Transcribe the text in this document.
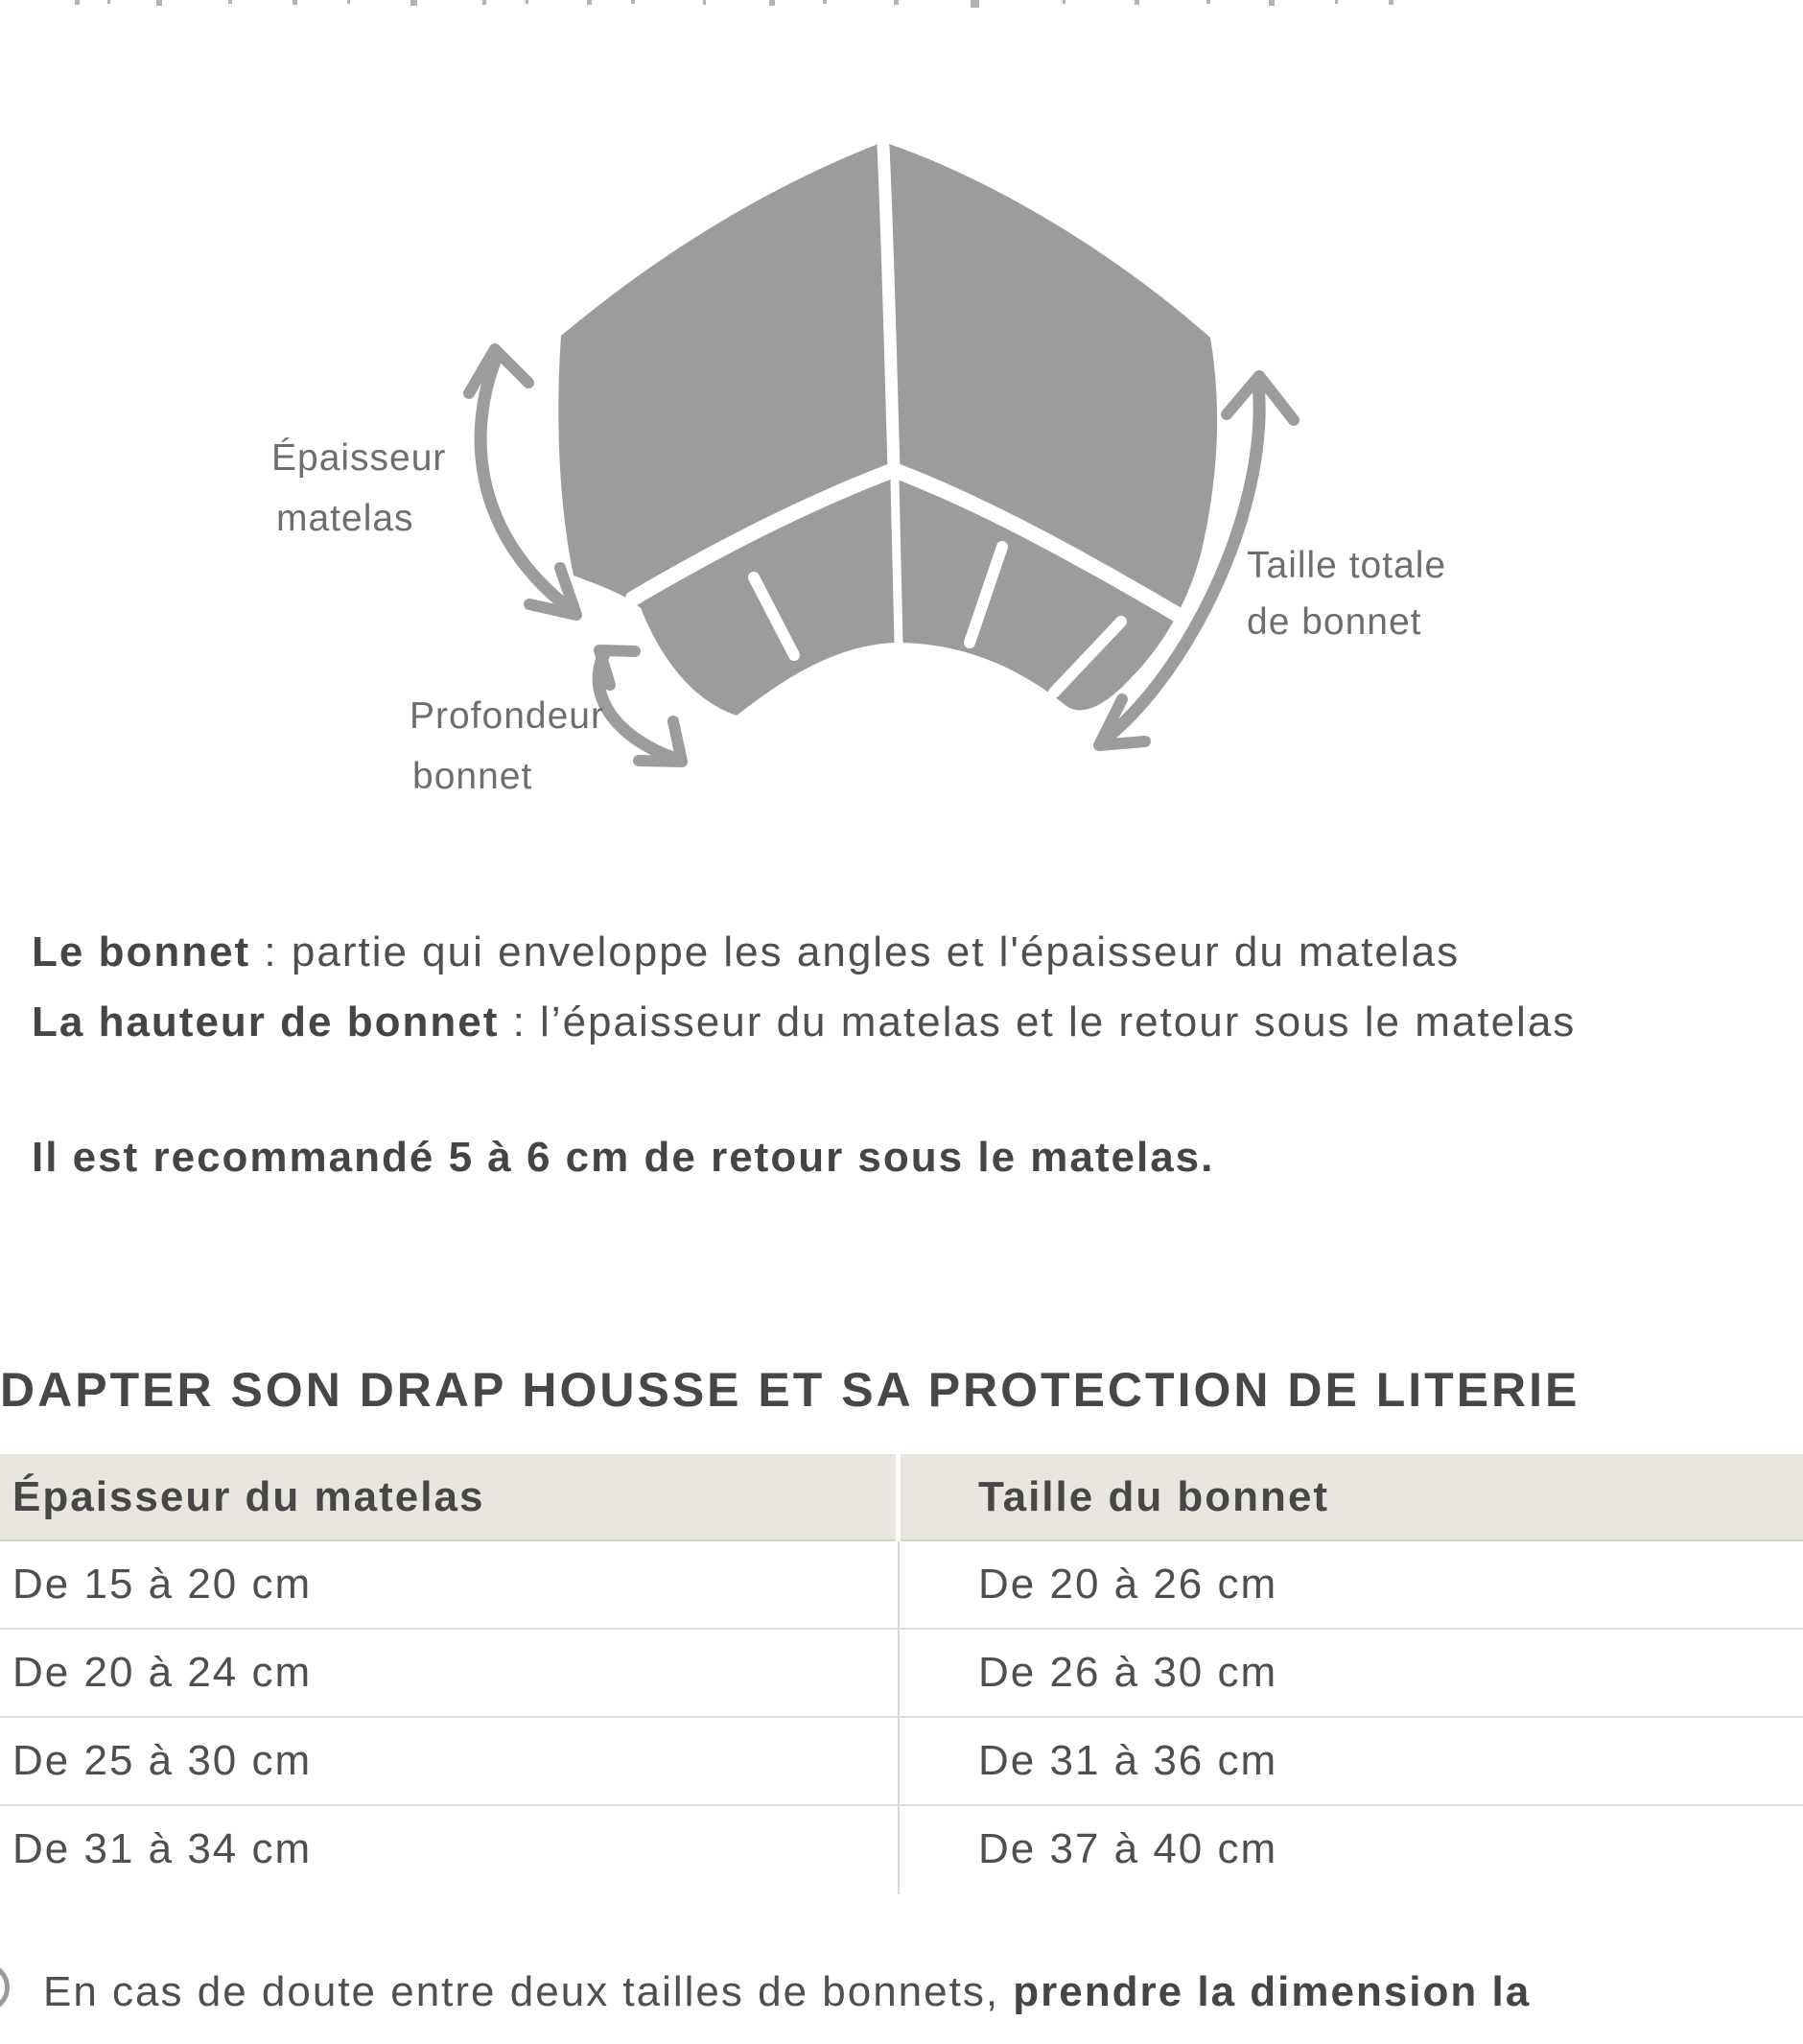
Épaisseur
matelas
Profondeur
bonnet
Taille totale
de bonnet
Le bonnet : partie qui enveloppe les angles et l'épaisseur du matelas
La hauteur de bonnet : l’épaisseur du matelas et le retour sous le matelas
Il est recommandé 5 à 6 cm de retour sous le matelas.
DAPTER SON DRAP HOUSSE ET SA PROTECTION DE LITERIE
Épaisseur du matelas	Taille du bonnet
De 15 à 20 cm	De 20 à 26 cm
De 20 à 24 cm	De 26 à 30 cm
De 25 à 30 cm	De 31 à 36 cm
De 31 à 34 cm	De 37 à 40 cm
En cas de doute entre deux tailles de bonnets, prendre la dimension la
